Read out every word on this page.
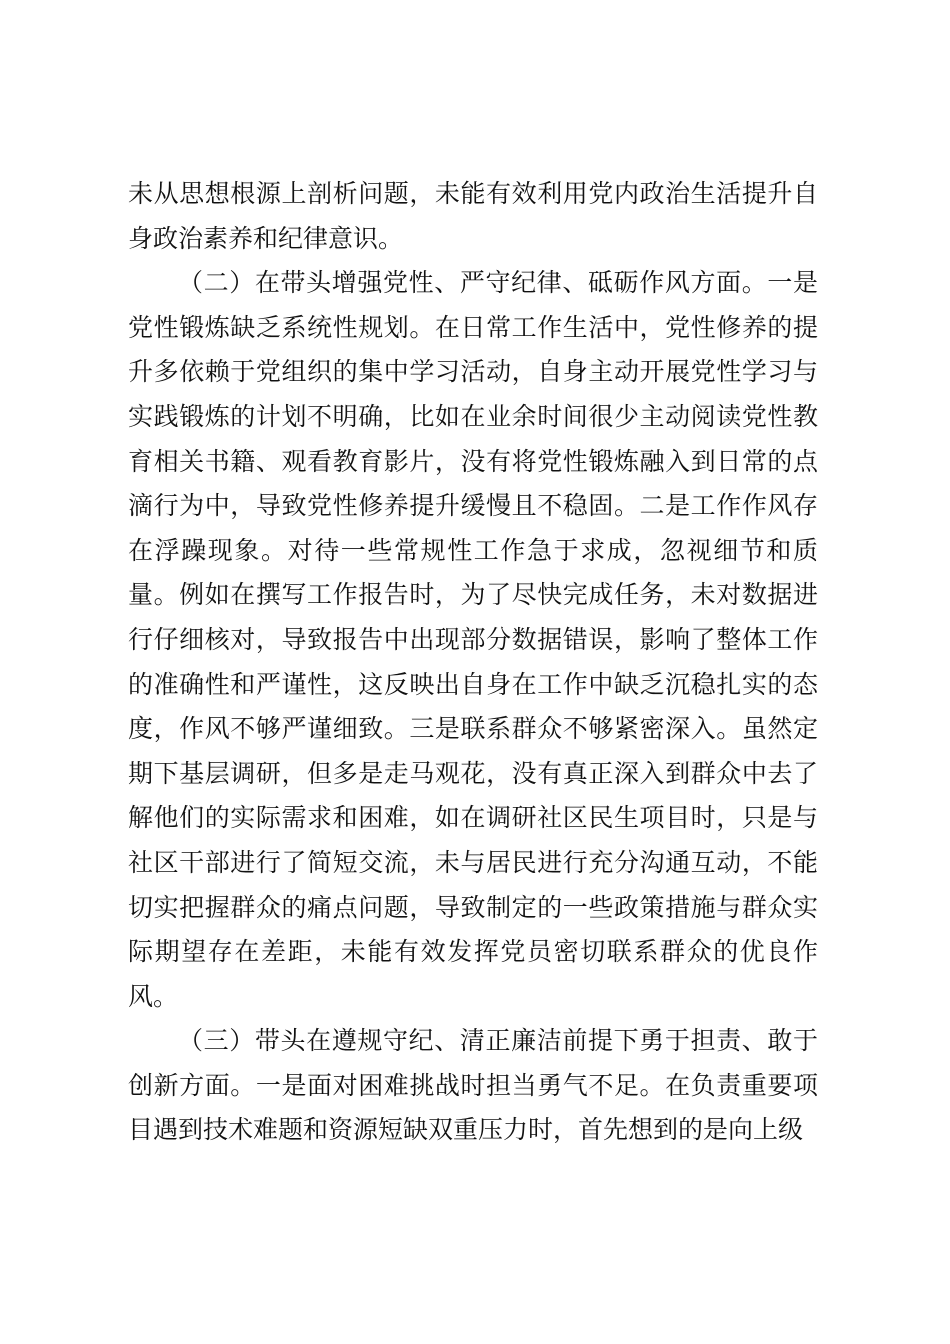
未从思想根源上剖析问题，未能有效利用党内政治生活提升自身政治素养和纪律意识。

（二）在带头增强党性、严守纪律、砥砺作风方面。一是党性锻炼缺乏系统性规划。在日常工作生活中，党性修养的提升多依赖于党组织的集中学习活动，自身主动开展党性学习与实践锻炼的计划不明确，比如在业余时间很少主动阅读党性教育相关书籍、观看教育影片，没有将党性锻炼融入到日常的点滴行为中，导致党性修养提升缓慢且不稳固。二是工作作风存在浮躁现象。对待一些常规性工作急于求成，忽视细节和质量。例如在撰写工作报告时，为了尽快完成任务，未对数据进行仔细核对，导致报告中出现部分数据错误，影响了整体工作的准确性和严谨性，这反映出自身在工作中缺乏沉稳扎实的态度，作风不够严谨细致。三是联系群众不够紧密深入。虽然定期下基层调研，但多是走马观花，没有真正深入到群众中去了解他们的实际需求和困难，如在调研社区民生项目时，只是与社区干部进行了简短交流，未与居民进行充分沟通互动，不能切实把握群众的痛点问题，导致制定的一些政策措施与群众实际期望存在差距，未能有效发挥党员密切联系群众的优良作风。

（三）带头在遵规守纪、清正廉洁前提下勇于担责、敢于创新方面。一是面对困难挑战时担当勇气不足。在负责重要项目遇到技术难题和资源短缺双重压力时，首先想到的是向上级
